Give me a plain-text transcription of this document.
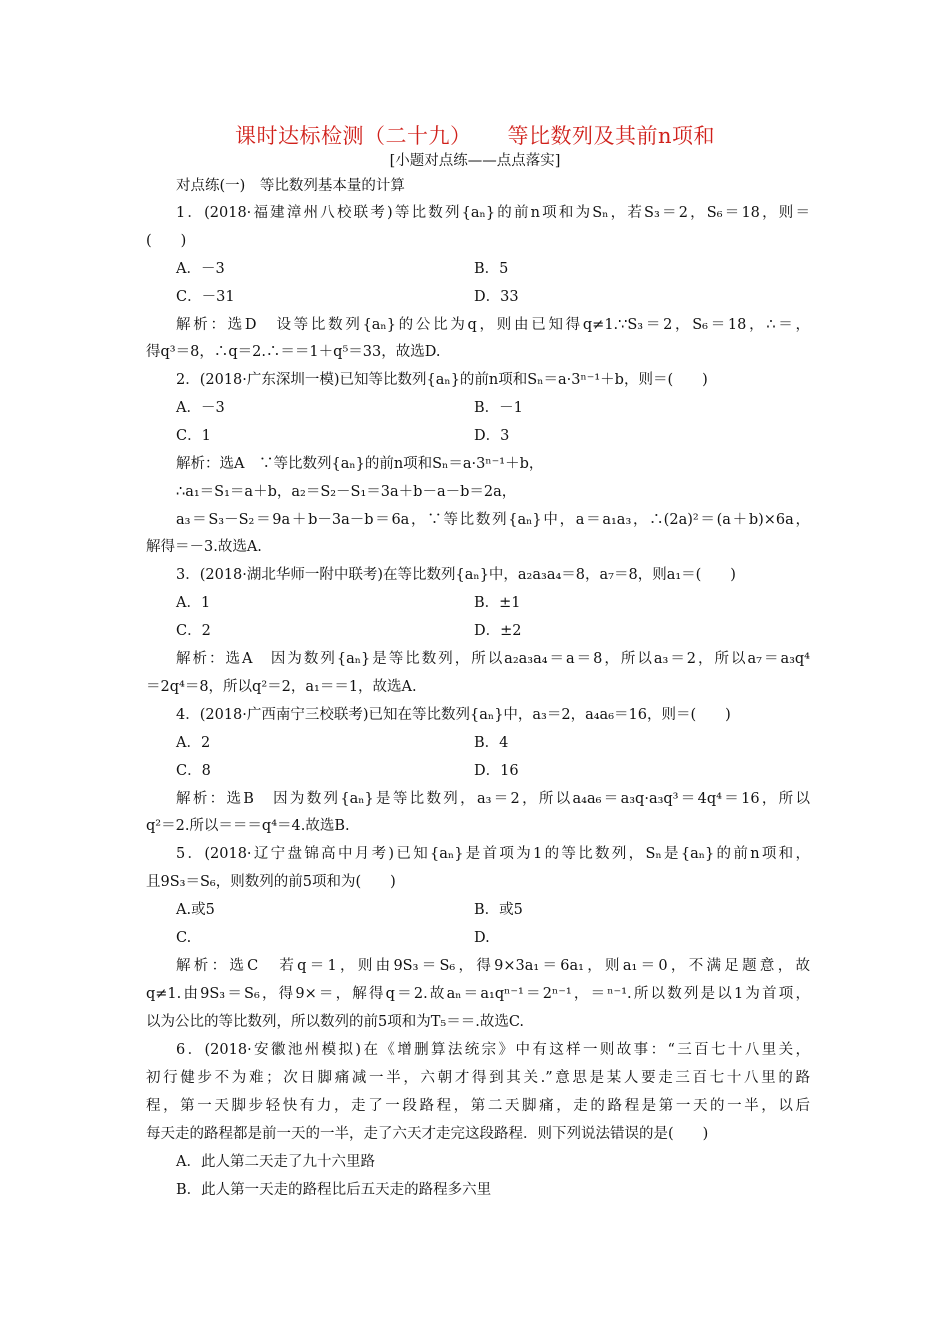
课时达标检测（二十九） 等比数列及其前n项和
[小题对点练——点点落实]
对点练(一)　等比数列基本量的计算
1．(2018·福建漳州八校联考)等比数列{aₙ}的前n项和为Sₙ，若S₃＝2，S₆＝18，则＝
(　　)
A．－3	B．5
C．－31	D．33
解析：选D　设等比数列{aₙ}的公比为q，则由已知得q≠1.∵S₃＝2，S₆＝18，∴＝，
得q³＝8，∴q＝2.∴＝＝1＋q⁵＝33，故选D.
2．(2018·广东深圳一模)已知等比数列{aₙ}的前n项和Sₙ＝a·3ⁿ⁻¹＋b，则＝(　　)
A．－3	B．－1
C．1	D．3
解析：选A　∵等比数列{aₙ}的前n项和Sₙ＝a·3ⁿ⁻¹＋b，
∴a₁＝S₁＝a＋b，a₂＝S₂－S₁＝3a＋b－a－b＝2a，
a₃＝S₃－S₂＝9a＋b－3a－b＝6a，∵等比数列{aₙ}中，a＝a₁a₃，∴(2a)²＝(a＋b)×6a，
解得＝－3.故选A.
3．(2018·湖北华师一附中联考)在等比数列{aₙ}中，a₂a₃a₄＝8，a₇＝8，则a₁＝(　　)
A．1	B．±1
C．2	D．±2
解析：选A　因为数列{aₙ}是等比数列，所以a₂a₃a₄＝a＝8，所以a₃＝2，所以a₇＝a₃q⁴
＝2q⁴＝8，所以q²＝2，a₁＝＝1，故选A.
4．(2018·广西南宁三校联考)已知在等比数列{aₙ}中，a₃＝2，a₄a₆＝16，则＝(　　)
A．2	B．4
C．8	D．16
解析：选B　因为数列{aₙ}是等比数列，a₃＝2，所以a₄a₆＝a₃q·a₃q³＝4q⁴＝16，所以
q²＝2.所以＝＝＝q⁴＝4.故选B.
5．(2018·辽宁盘锦高中月考)已知{aₙ}是首项为1的等比数列，Sₙ是{aₙ}的前n项和，
且9S₃＝S₆，则数列的前5项和为(　　)
A.或5	B．或5
C.	D.
解析：选C　若q＝1，则由9S₃＝S₆，得9×3a₁＝6a₁，则a₁＝0，不满足题意，故
q≠1.由9S₃＝S₆，得9×＝，解得q＝2.故aₙ＝a₁qⁿ⁻¹＝2ⁿ⁻¹，＝ⁿ⁻¹.所以数列是以1为首项，
以为公比的等比数列，所以数列的前5项和为T₅＝＝.故选C.
6．(2018·安徽池州模拟)在《增删算法统宗》中有这样一则故事：“三百七十八里关，
初行健步不为难；次日脚痛减一半，六朝才得到其关.”意思是某人要走三百七十八里的路
程，第一天脚步轻快有力，走了一段路程，第二天脚痛，走的路程是第一天的一半，以后
每天走的路程都是前一天的一半，走了六天才走完这段路程．则下列说法错误的是(　　)
A．此人第二天走了九十六里路
B．此人第一天走的路程比后五天走的路程多六里
